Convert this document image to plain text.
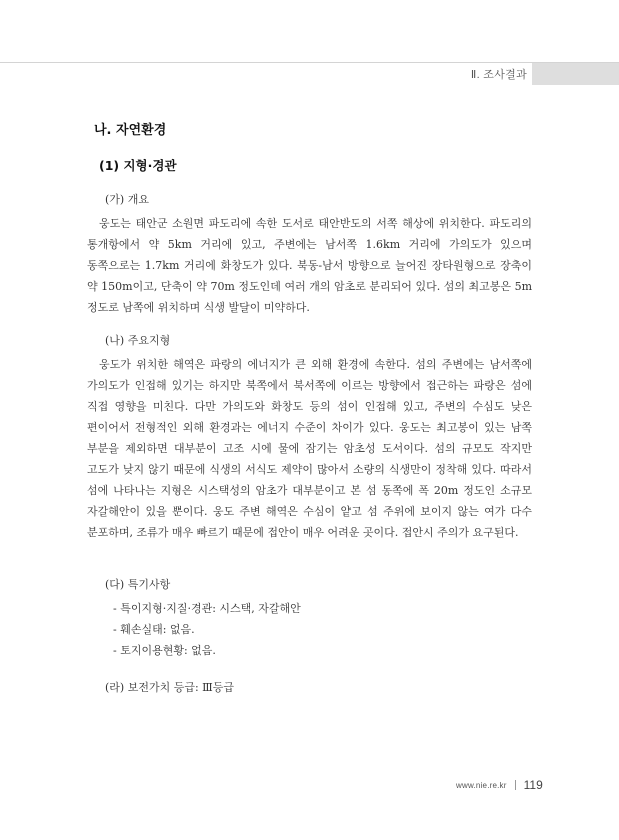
Ⅱ. 조사결과
나. 자연환경
(1) 지형·경관
(가) 개요

웅도는 태안군 소원면 파도리에 속한 도서로 태안반도의 서쪽 해상에 위치한다. 파도리의 통개항에서 약 5km 거리에 있고, 주변에는 남서쪽 1.6km 거리에 가의도가 있으며 동쪽으로는 1.7km 거리에 화창도가 있다. 북동-남서 방향으로 늘어진 장타원형으로 장축이 약 150m이고, 단축이 약 70m 정도인데 여러 개의 암초로 분리되어 있다. 섬의 최고봉은 5m 정도로 남쪽에 위치하며 식생 발달이 미약하다.

(나) 주요지형

웅도가 위치한 해역은 파랑의 에너지가 큰 외해 환경에 속한다. 섬의 주변에는 남서쪽에 가의도가 인접해 있기는 하지만 북쪽에서 북서쪽에 이르는 방향에서 접근하는 파랑은 섬에 직접 영향을 미친다. 다만 가의도와 화창도 등의 섬이 인접해 있고, 주변의 수심도 낮은 편이어서 전형적인 외해 환경과는 에너지 수준이 차이가 있다. 웅도는 최고봉이 있는 남쪽 부분을 제외하면 대부분이 고조 시에 물에 잠기는 암초성 도서이다. 섬의 규모도 작지만 고도가 낮지 않기 때문에 식생의 서식도 제약이 많아서 소량의 식생만이 정착해 있다. 따라서 섬에 나타나는 지형은 시스택성의 암초가 대부분이고 본 섬 동쪽에 폭 20m 정도인 소규모 자갈해안이 있을 뿐이다. 웅도 주변 해역은 수심이 얕고 섬 주위에 보이지 않는 여가 다수 분포하며, 조류가 매우 빠르기 때문에 접안이 매우 어려운 곳이다. 접안시 주의가 요구된다.

(다) 특기사항
- 특이지형·지질·경관: 시스택, 자갈해안
- 훼손실태: 없음.
- 토지이용현황: 없음.
(라) 보전가치 등급: Ⅲ등급
www.nie.re.kr 119
